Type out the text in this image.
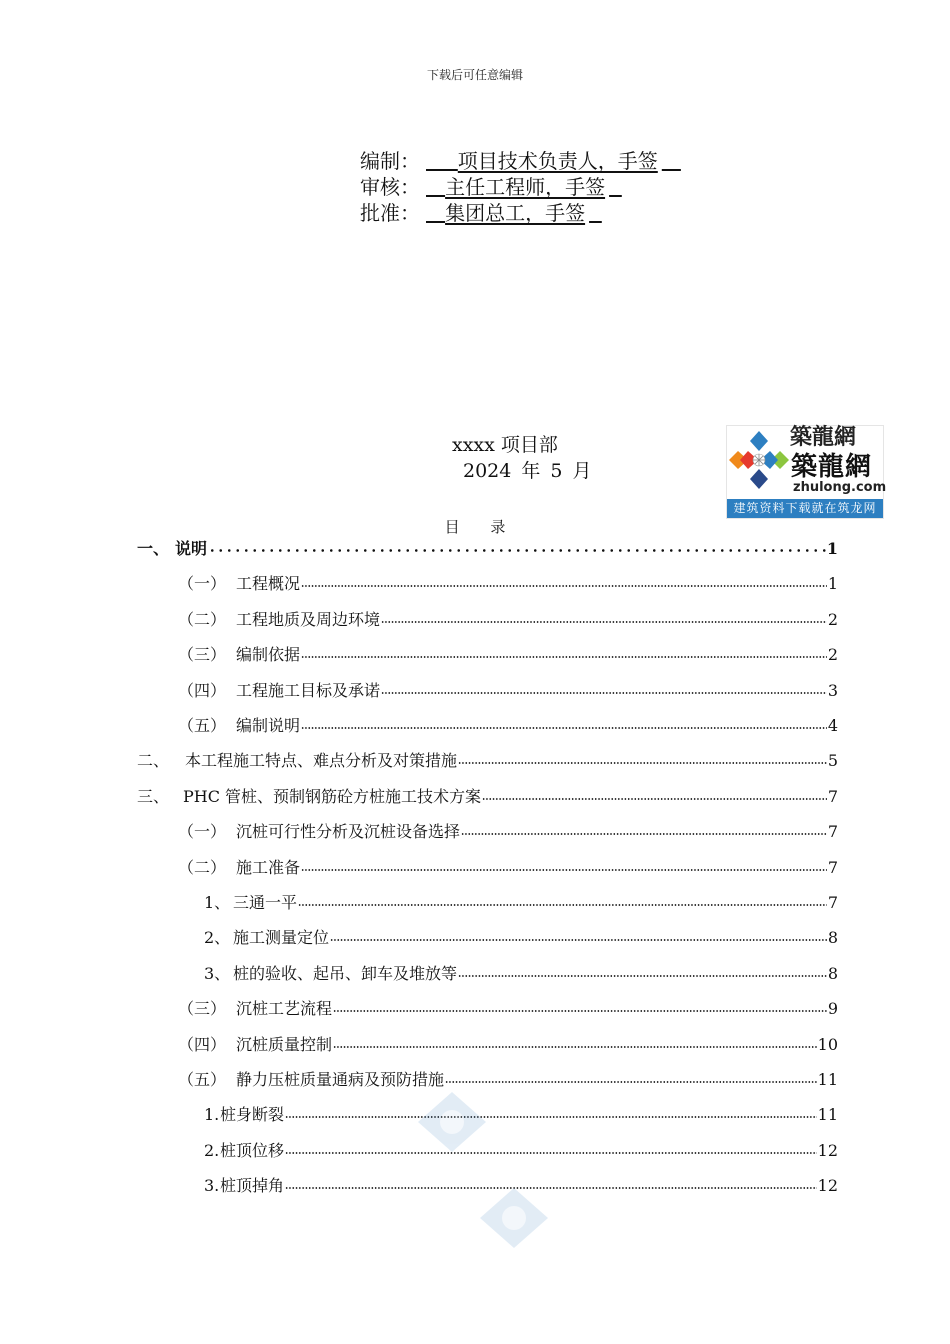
下载后可任意编辑
编制：
	项目技术负责人，手签

审核：
	主任工程师，手签

批准：
	集团总工，手签

xxxx 项目部
2024 年 5 月
築龍網
築龍網
zhulong.com
建筑资料下载就在筑龙网
目 录
一、 说明	1
（一） 工程概况	1
（二） 工程地质及周边环境	2
（三） 编制依据	2
（四） 工程施工目标及承诺	3
（五） 编制说明	4
二、 本工程施工特点、难点分析及对策措施	5
三、 PHC 管桩、预制钢筋砼方桩施工技术方案	7
（一） 沉桩可行性分析及沉桩设备选择	7
（二） 施工准备	7
1、 三通一平	7
2、 施工测量定位	8
3、 桩的验收、起吊、卸车及堆放等	8
（三） 沉桩工艺流程	9
（四） 沉桩质量控制	10
（五） 静力压桩质量通病及预防措施	11
1. 桩身断裂	11
2. 桩顶位移	12
3. 桩顶掉角	12
